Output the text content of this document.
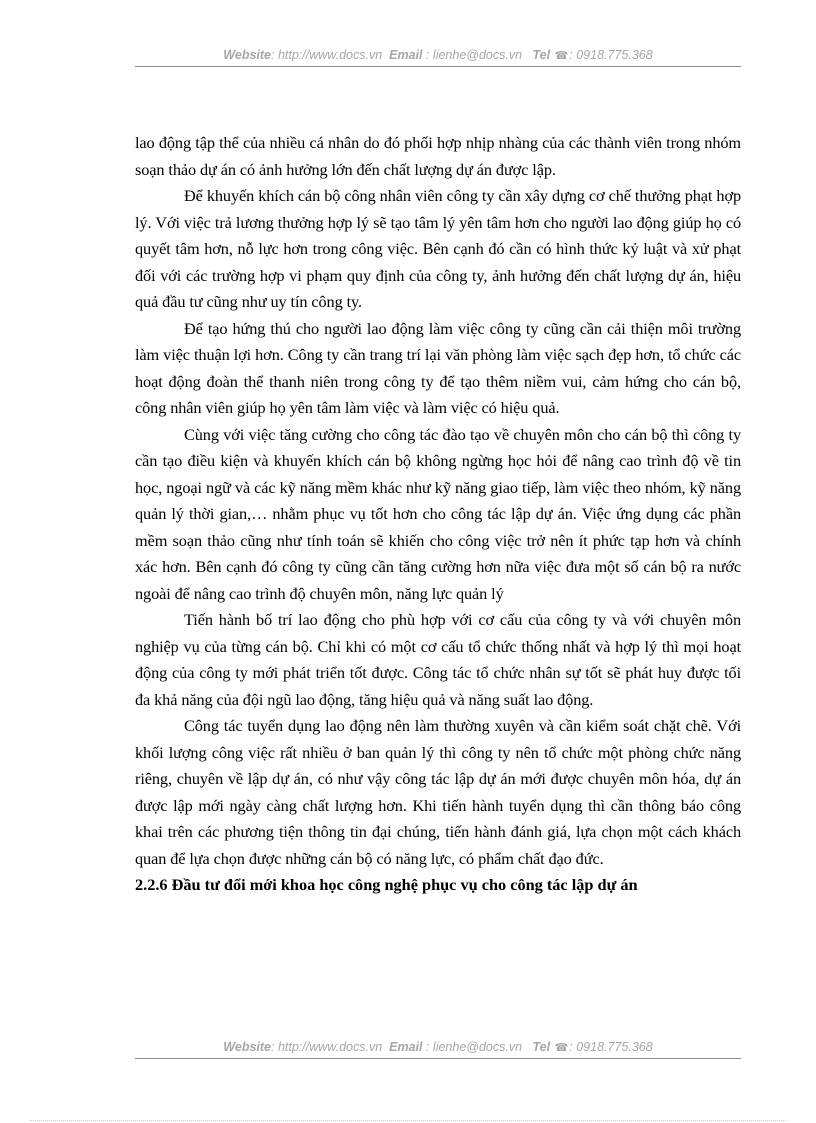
Website: http://www.docs.vn Email : lienhe@docs.vn Tel ☎: 0918.775.368

lao động tập thể của nhiều cá nhân do đó phối hợp nhịp nhàng của các thành viên trong nhóm soạn thảo dự án có ảnh hưởng lớn đến chất lượng dự án được lập.

Để khuyến khích cán bộ công nhân viên công ty cần xây dựng cơ chế thưởng phạt hợp lý. Với việc trả lương thưởng hợp lý sẽ tạo tâm lý yên tâm hơn cho người lao động giúp họ có quyết tâm hơn, nỗ lực hơn trong công việc. Bên cạnh đó cần có hình thức kỷ luật và xử phạt đối với các trường hợp vi phạm quy định của công ty, ảnh hưởng đến chất lượng dự án, hiệu quả đầu tư cũng như uy tín công ty.

Để tạo hứng thú cho người lao động làm việc công ty cũng cần cải thiện môi trường làm việc thuận lợi hơn. Công ty cần trang trí lại văn phòng làm việc sạch đẹp hơn, tổ chức các hoạt động đoàn thể thanh niên trong công ty để tạo thêm niềm vui, cảm hứng cho cán bộ, công nhân viên giúp họ yên tâm làm việc và làm việc có hiệu quả.

Cùng với việc tăng cường cho công tác đào tạo về chuyên môn cho cán bộ thì công ty cần tạo điều kiện và khuyến khích cán bộ không ngừng học hỏi để nâng cao trình độ về tin học, ngoại ngữ và các kỹ năng mềm khác như kỹ năng giao tiếp, làm việc theo nhóm, kỹ năng quản lý thời gian,… nhằm phục vụ tốt hơn cho công tác lập dự án. Việc ứng dụng các phần mềm soạn thảo cũng như tính toán sẽ khiến cho công việc trở nên ít phức tạp hơn và chính xác hơn. Bên cạnh đó công ty cũng cần tăng cường hơn nữa việc đưa một số cán bộ ra nước ngoài để nâng cao trình độ chuyên môn, năng lực quản lý

Tiến hành bố trí lao động cho phù hợp với cơ cấu của công ty và với chuyên môn nghiệp vụ của từng cán bộ. Chỉ khi có một cơ cấu tổ chức thống nhất và hợp lý thì mọi hoạt động của công ty mới phát triển tốt được. Công tác tổ chức nhân sự tốt sẽ phát huy được tối đa khả năng của đội ngũ lao động, tăng hiệu quả và năng suất lao động.

Công tác tuyển dụng lao động nên làm thường xuyên và cần kiểm soát chặt chẽ. Với khối lượng công việc rất nhiều ở ban quản lý thì công ty nên tổ chức một phòng chức năng riêng, chuyên về lập dự án, có như vậy công tác lập dự án mới được chuyên môn hóa, dự án được lập mới ngày càng chất lượng hơn. Khi tiến hành tuyển dụng thì cần thông báo công khai trên các phương tiện thông tin đại chúng, tiến hành đánh giá, lựa chọn một cách khách quan để lựa chọn được những cán bộ có năng lực, có phẩm chất đạo đức.

2.2.6 Đầu tư đổi mới khoa học công nghệ phục vụ cho công tác lập dự án
Website: http://www.docs.vn Email : lienhe@docs.vn Tel ☎: 0918.775.368
